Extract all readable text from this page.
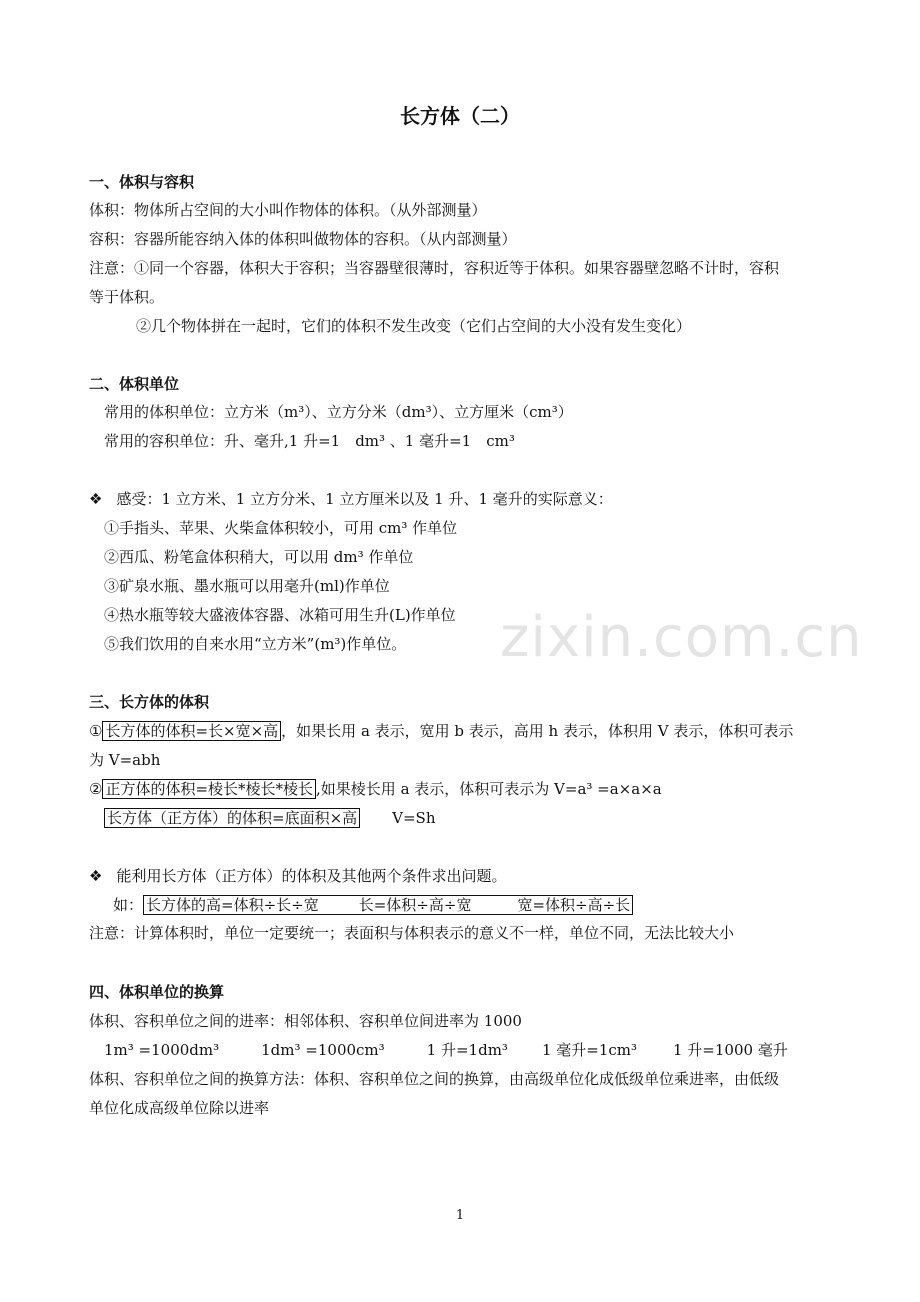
长方体（二）
一、体积与容积
体积：物体所占空间的大小叫作物体的体积。（从外部测量）
容积：容器所能容纳入体的体积叫做物体的容积。（从内部测量）
注意：①同一个容器，体积大于容积；当容器壁很薄时，容积近等于体积。如果容器壁忽略不计时，容积
等于体积。
②几个物体拼在一起时，它们的体积不发生改变（它们占空间的大小没有发生变化）
二、体积单位
常用的体积单位：立方米（m³）、立方分米（dm³）、立方厘米（cm³）
常用的容积单位：升、毫升,1 升=1　dm³ 、1 毫升=1　cm³
❖ 感受：1 立方米、1 立方分米、1 立方厘米以及 1 升、1 毫升的实际意义：
①手指头、苹果、火柴盒体积较小，可用 cm³ 作单位
②西瓜、粉笔盒体积稍大，可以用 dm³ 作单位
③矿泉水瓶、墨水瓶可以用毫升(ml)作单位
④热水瓶等较大盛液体容器、冰箱可用生升(L)作单位
⑤我们饮用的自来水用“立方米”(m³)作单位。
三、长方体的体积
① 长方体的体积=长×宽×高 ，如果长用 a 表示，宽用 b 表示，高用 h 表示，体积用 V 表示，体积可表示
为 V=abh
② 正方体的体积=棱长*棱长*棱长 ,如果棱长用 a 表示，体积可表示为 V=a³ =a×a×a
长方体（正方体）的体积=底面积×高 V=Sh
❖ 能利用长方体（正方体）的体积及其他两个条件求出问题。
如： 长方体的高=体积÷长÷宽	长=体积÷高÷宽	宽=体积÷高÷长
注意：计算体积时，单位一定要统一；表面积与体积表示的意义不一样，单位不同，无法比较大小
四、体积单位的换算
体积、容积单位之间的进率：相邻体积、容积单位间进率为 1000
1m³ =1000dm³	1dm³ =1000cm³	1 升=1dm³ 1 毫升=1cm³ 1 升=1000 毫升
体积、容积单位之间的换算方法：体积、容积单位之间的换算，由高级单位化成低级单位乘进率，由低级
单位化成高级单位除以进率
zixin.com.cn
1
